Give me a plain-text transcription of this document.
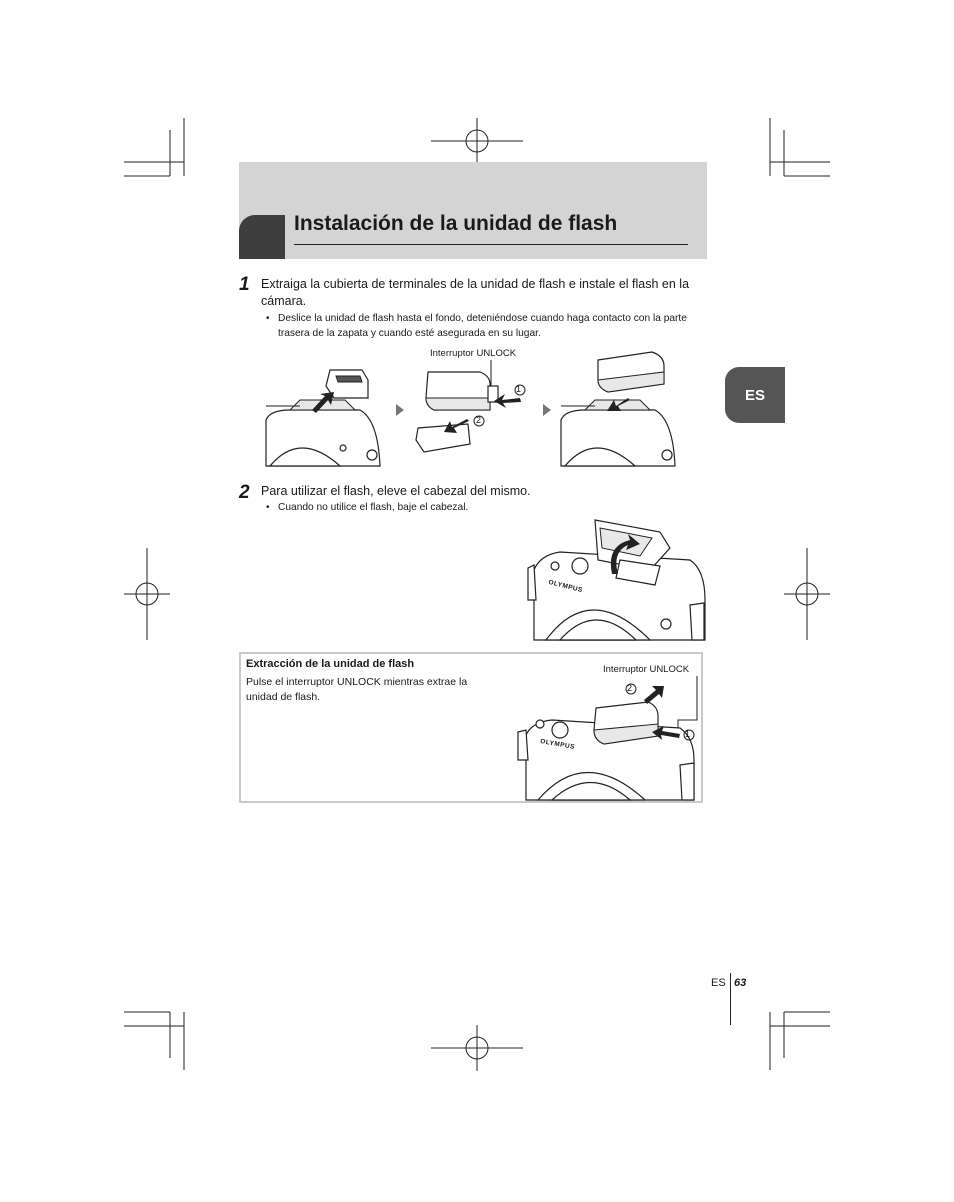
Instalación de la unidad de flash
ES
1 Extraiga la cubierta de terminales de la unidad de flash e instale el flash en la cámara.
• Deslice la unidad de flash hasta el fondo, deteniéndose cuando haga contacto con la parte trasera de la zapata y cuando esté asegurada en su lugar.
Interruptor UNLOCK
1
2
2 Para utilizar el flash, eleve el cabezal del mismo.
• Cuando no utilice el flash, baje el cabezal.
OLYMPUS
Extracción de la unidad de flash
Pulse el interruptor UNLOCK mientras extrae la unidad de flash.
Interruptor UNLOCK
1
2
OLYMPUS
ES 63
